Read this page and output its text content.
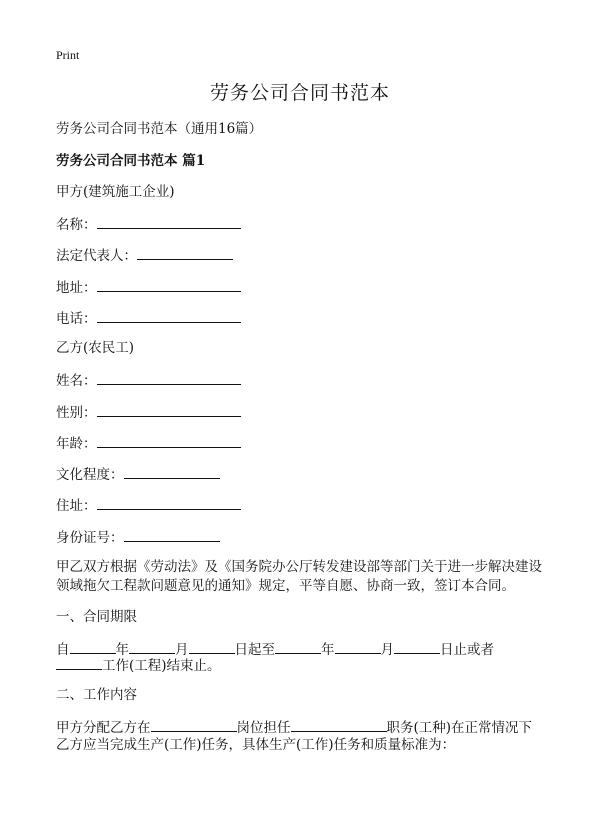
Print
劳务公司合同书范本
劳务公司合同书范本（通用16篇）
劳务公司合同书范本 篇1
甲方(建筑施工企业)
名称：
法定代表人：
地址：
电话：
乙方(农民工)
姓名：
性别：
年龄：
文化程度：
住址：
身份证号：
甲乙双方根据《劳动法》及《国务院办公厅转发建设部等部门关于进一步解决建设
领域拖欠工程款问题意见的通知》规定，平等自愿、协商一致，签订本合同。
一、合同期限
自	年	月	日起至	年	月	日止或者
工作(工程)结束止。
二、工作内容
甲方分配乙方在	岗位担任	职务(工种)在正常情况下
乙方应当完成生产(工作)任务，具体生产(工作)任务和质量标准为：
